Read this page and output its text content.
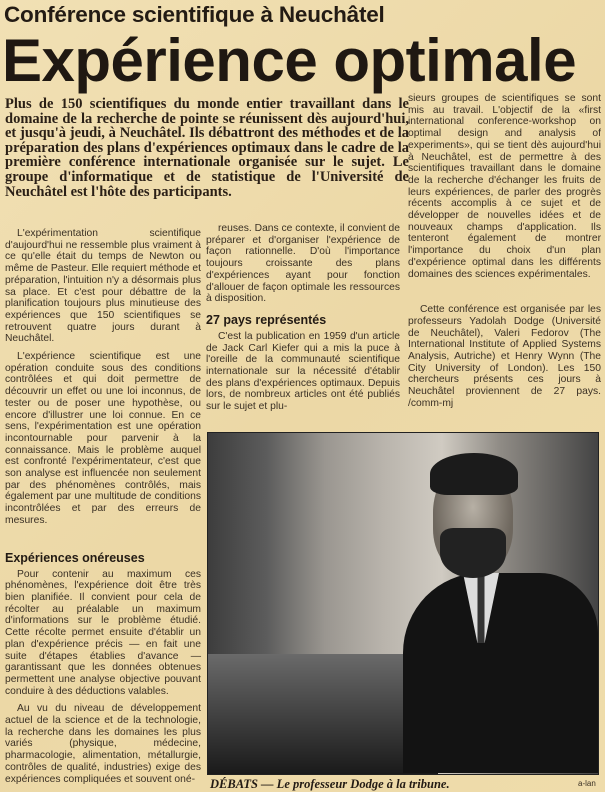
Conférence scientifique à Neuchâtel
Expérience optimale
Plus de 150 scientifiques du monde entier travaillant dans le domaine de la recherche de pointe se réunissent dès aujourd'hui, et jusqu'à jeudi, à Neuchâtel. Ils débattront des méthodes et de la préparation des plans d'expériences optimaux dans le cadre de la première conférence internationale organisée sur le sujet. Le groupe d'informatique et de statistique de l'Université de Neuchâtel est l'hôte des participants.

L'expérimentation scientifique d'aujourd'hui ne ressemble plus vraiment à ce qu'elle était du temps de Newton ou même de Pasteur. Elle requiert méthode et préparation, l'intuition n'y a désormais plus sa place. Et c'est pour débattre de la planification toujours plus minutieuse des expériences que 150 scientifiques se retrouvent quatre jours durant à Neuchâtel.

L'expérience scientifique est une opération conduite sous des conditions contrôlées et qui doit permettre de découvrir un effet ou une loi inconnus, de tester ou de poser une hypothèse, ou encore d'illustrer une loi connue. En ce sens, l'expérimentation est une opération incontournable pour parvenir à la connaissance. Mais le problème auquel est confronté l'expérimentateur, c'est que son analyse est influencée non seulement par des phénomènes contrôlés, mais également par une multitude de conditions incontrôlées et par des erreurs de mesures.

Expériences onéreuses

Pour contenir au maximum ces phénomènes, l'expérience doit être très bien planifiée. Il convient pour cela de récolter au préalable un maximum d'informations sur le problème étudié. Cette récolte permet ensuite d'établir un plan d'expérience précis — en fait une suite d'étapes établies d'avance — garantissant que les données obtenues permettent une analyse objective pouvant conduire à des déductions valables.

Au vu du niveau de développement actuel de la science et de la technologie, la recherche dans les domaines les plus variés (physique, médecine, pharmacologie, alimentation, métallurgie, contrôles de qualité, industries) exige des expériences compliquées et souvent oné-

reuses. Dans ce contexte, il convient de préparer et d'organiser l'expérience de façon rationnelle. D'où l'importance toujours croissante des plans d'expériences ayant pour fonction d'allouer de façon optimale les ressources à disposition.

27 pays représentés

C'est la publication en 1959 d'un article de Jack Carl Kiefer qui a mis la puce à l'oreille de la communauté scientifique internationale sur la nécessité d'établir des plans d'expériences optimaux. Depuis lors, de nombreux articles ont été publiés sur le sujet et plu-

sieurs groupes de scientifiques se sont mis au travail. L'objectif de la «first international conference-workshop on optimal design and analysis of experiments», qui se tient dès aujourd'hui à Neuchâtel, est de permettre à des scientifiques travaillant dans le domaine de la recherche d'échanger les fruits de leurs expériences, de parler des progrès récents accomplis à ce sujet et de développer de nouvelles idées et de nouveaux champs d'application. Ils tenteront également de montrer l'importance du choix d'un plan d'expérience optimal dans les différents domaines des sciences expérimentales.

Cette conférence est organisée par les professeurs Yadolah Dodge (Université de Neuchâtel), Valeri Fedorov (The International Institute of Applied Systems Analysis, Autriche) et Henry Wynn (The City University of London). Les 150 chercheurs présents ces jours à Neuchâtel proviennent de 27 pays. /comm-mj

DÉBATS — Le professeur Dodge à la tribune.	a-lan
